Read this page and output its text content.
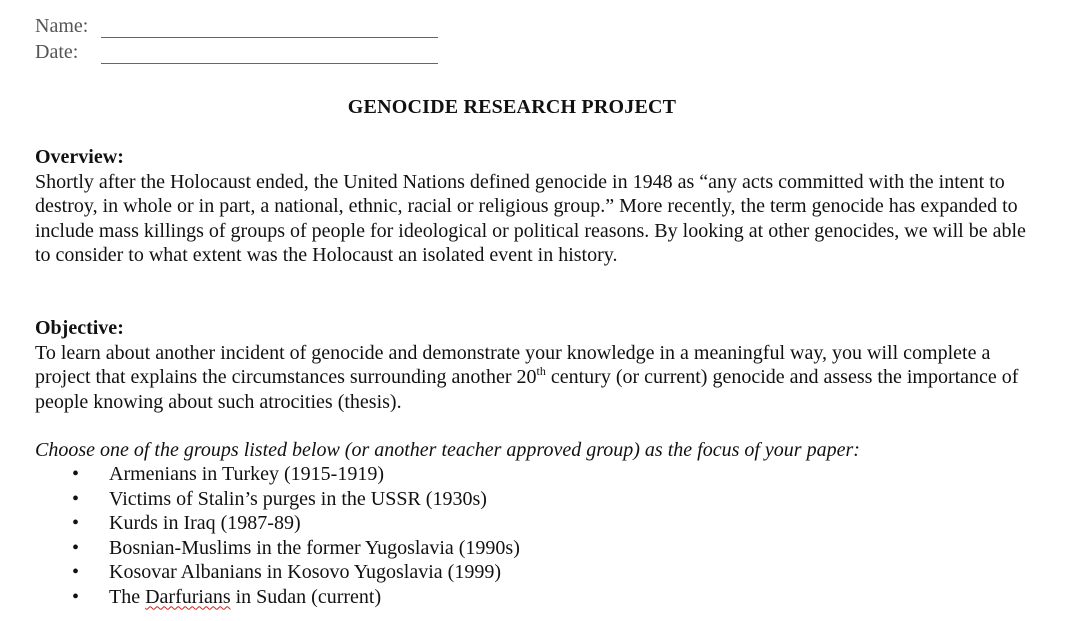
Name:
Date:
GENOCIDE RESEARCH PROJECT
Overview:

Shortly after the Holocaust ended, the United Nations defined genocide in 1948 as “any acts committed with the intent to destroy, in whole or in part, a national, ethnic, racial or religious group.” More recently, the term genocide has expanded to include mass killings of groups of people for ideological or political reasons. By looking at other genocides, we will be able to consider to what extent was the Holocaust an isolated event in history.

Objective:

To learn about another incident of genocide and demonstrate your knowledge in a meaningful way, you will complete a project that explains the circumstances surrounding another 20th century (or current) genocide and assess the importance of people knowing about such atrocities (thesis).

Choose one of the groups listed below (or another teacher approved group) as the focus of your paper:
• Armenians in Turkey (1915-1919)
• Victims of Stalin’s purges in the USSR (1930s)
• Kurds in Iraq (1987-89)
• Bosnian-Muslims in the former Yugoslavia (1990s)
• Kosovar Albanians in Kosovo Yugoslavia (1999)
• The Darfurians in Sudan (current)
